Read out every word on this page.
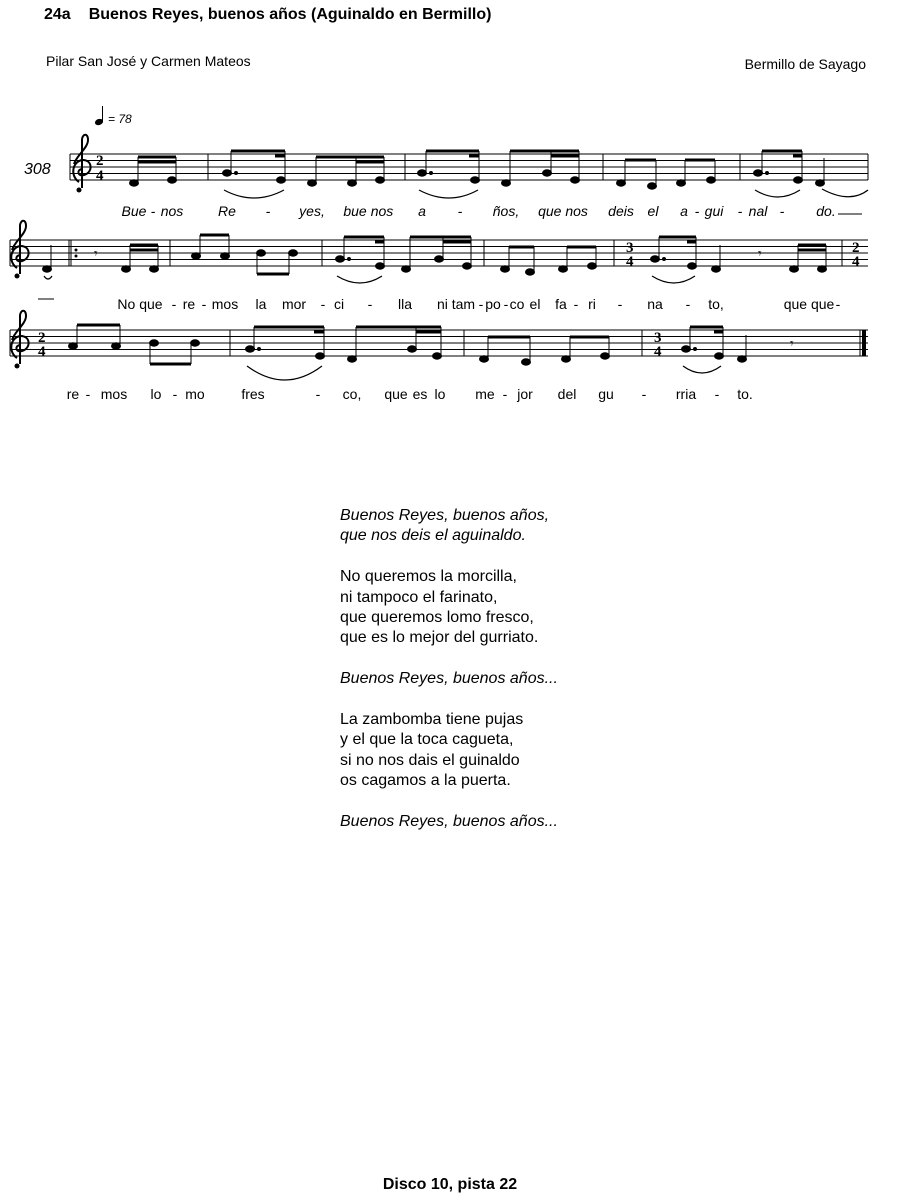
24a Buenos Reyes, buenos años (Aguinaldo en Bermillo)
Pilar San José y Carmen Mateos	Bermillo de Sayago
= 78
308	2
4
3
4
2
4
𝄾	𝄾
2
4
3
4	𝄾
Bue - nos Re - yes, bue nos a - ños, que nos deis el a - gui - nal - do.
No que - re - mos la mor - ci - lla ni tam - po - co el fa - ri - na - to,	que que -
re - mos lo - mo	fres	- co, que es lo me - jor del gu - rria - to.
Buenos Reyes, buenos años,
que nos deis el aguinaldo.
No queremos la morcilla,
ni tampoco el farinato,
que queremos lomo fresco,
que es lo mejor del gurriato.
Buenos Reyes, buenos años...
La zambomba tiene pujas
y el que la toca cagueta,
si no nos dais el guinaldo
os cagamos a la puerta.
Buenos Reyes, buenos años...
Disco 10, pista 22
